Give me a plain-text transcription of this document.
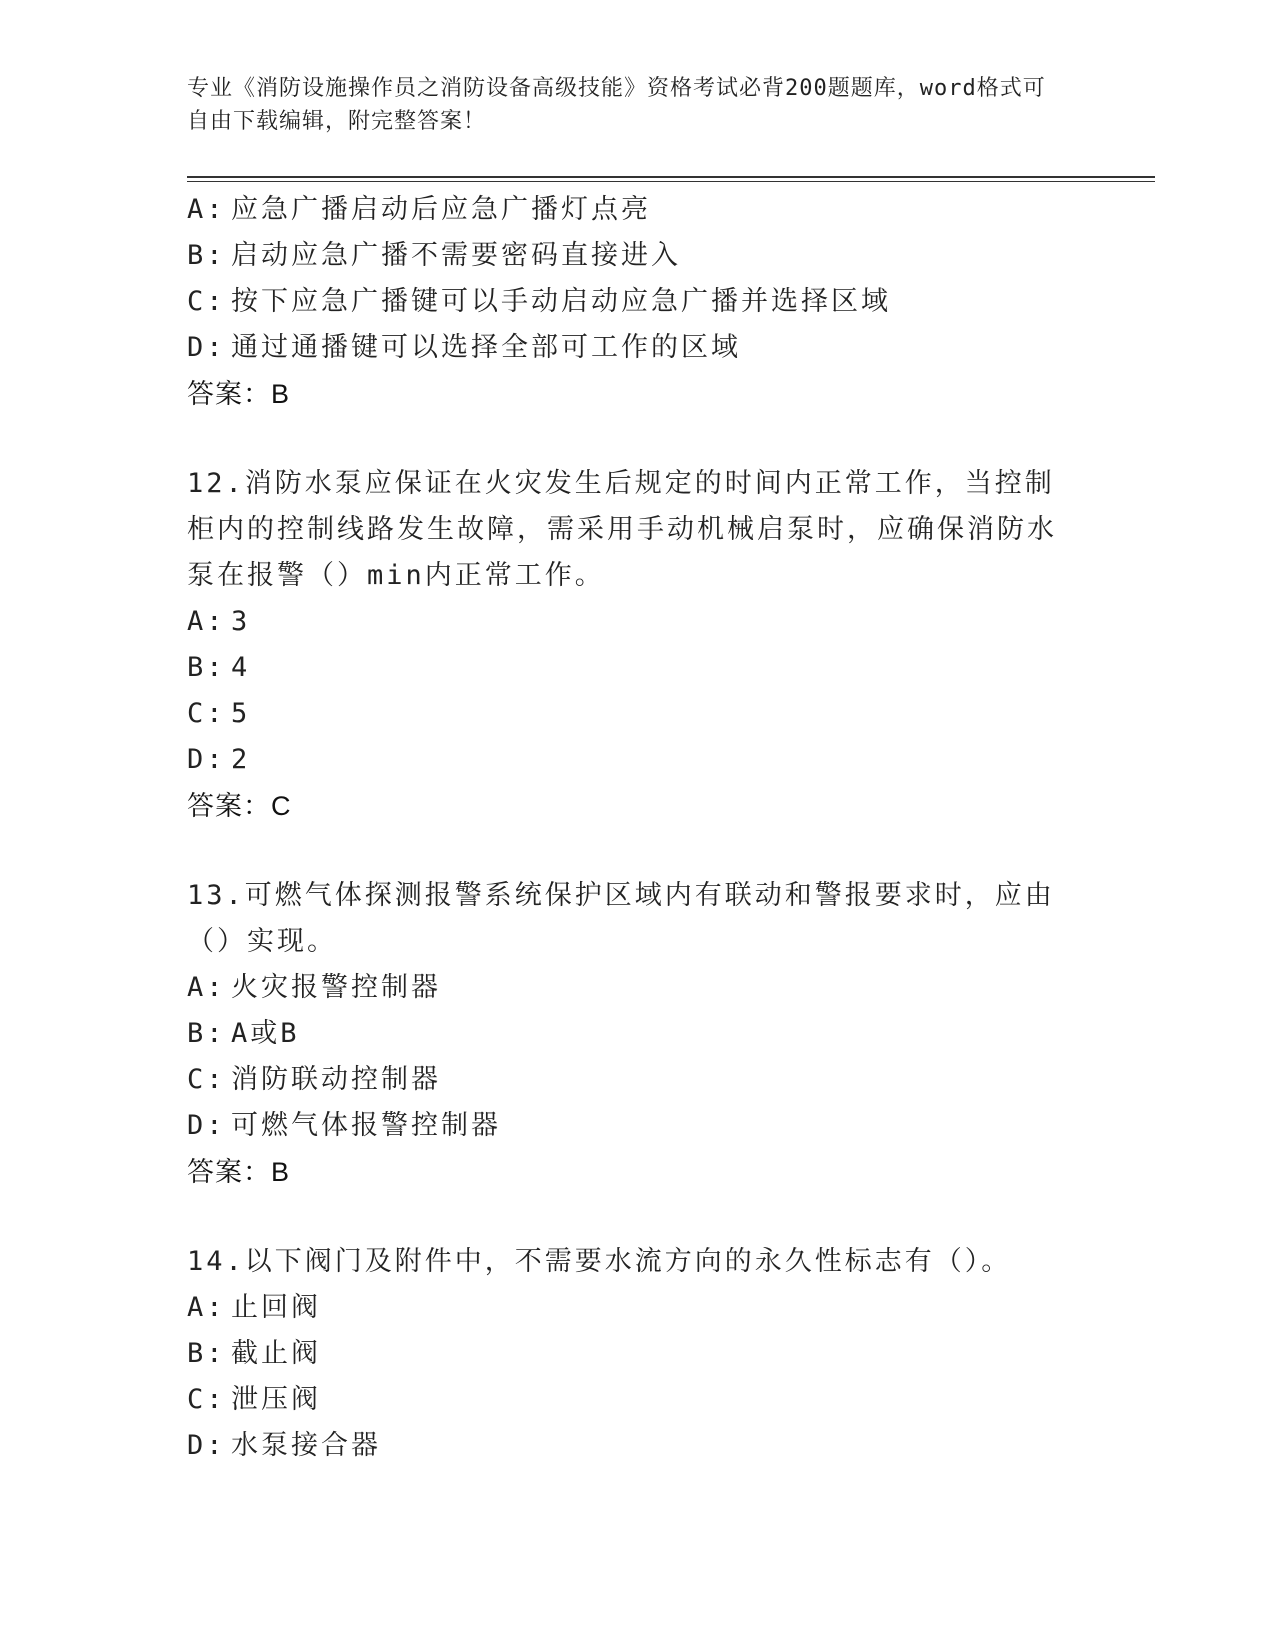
专业《消防设施操作员之消防设备高级技能》资格考试必背200题题库，word格式可自由下载编辑，附完整答案！
A: 应急广播启动后应急广播灯点亮
B: 启动应急广播不需要密码直接进入
C: 按下应急广播键可以手动启动应急广播并选择区域
D: 通过通播键可以选择全部可工作的区域
答案：B
12.消防水泵应保证在火灾发生后规定的时间内正常工作，当控制柜内的控制线路发生故障，需采用手动机械启泵时，应确保消防水泵在报警（）min内正常工作。
A: 3
B: 4
C: 5
D: 2
答案：C
13.可燃气体探测报警系统保护区域内有联动和警报要求时，应由（）实现。
A: 火灾报警控制器
B: A或B
C: 消防联动控制器
D: 可燃气体报警控制器
答案：B
14.以下阀门及附件中，不需要水流方向的永久性标志有（）。
A: 止回阀
B: 截止阀
C: 泄压阀
D: 水泵接合器
